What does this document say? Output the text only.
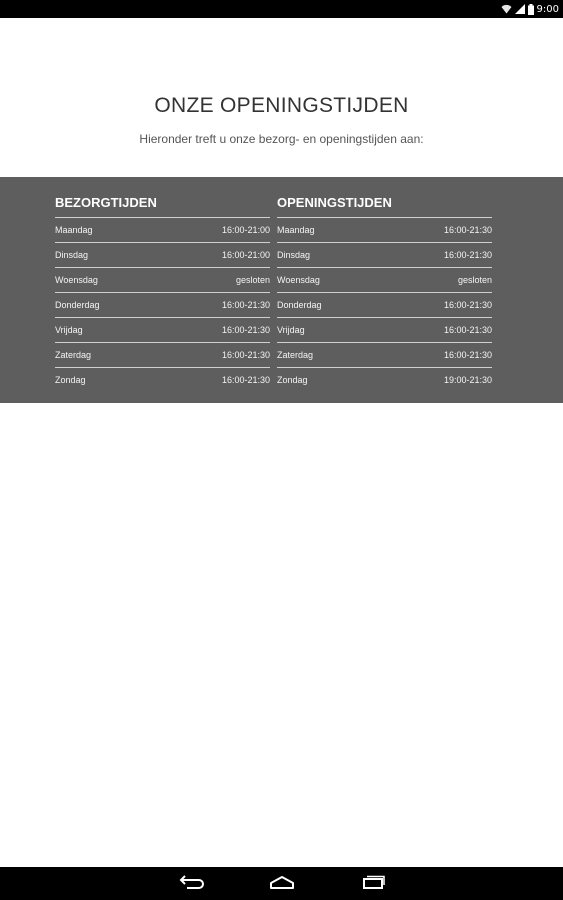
9:00
ONZE OPENINGSTIJDEN

Hieronder treft u onze bezorg- en openingstijden aan:

BEZORGTIJDEN
Maandag	16:00-21:00
Dinsdag	16:00-21:00
Woensdag	gesloten
Donderdag	16:00-21:30
Vrijdag	16:00-21:30
Zaterdag	16:00-21:30
Zondag	16:00-21:30
OPENINGSTIJDEN
Maandag	16:00-21:30
Dinsdag	16:00-21:30
Woensdag	gesloten
Donderdag	16:00-21:30
Vrijdag	16:00-21:30
Zaterdag	16:00-21:30
Zondag	19:00-21:30
